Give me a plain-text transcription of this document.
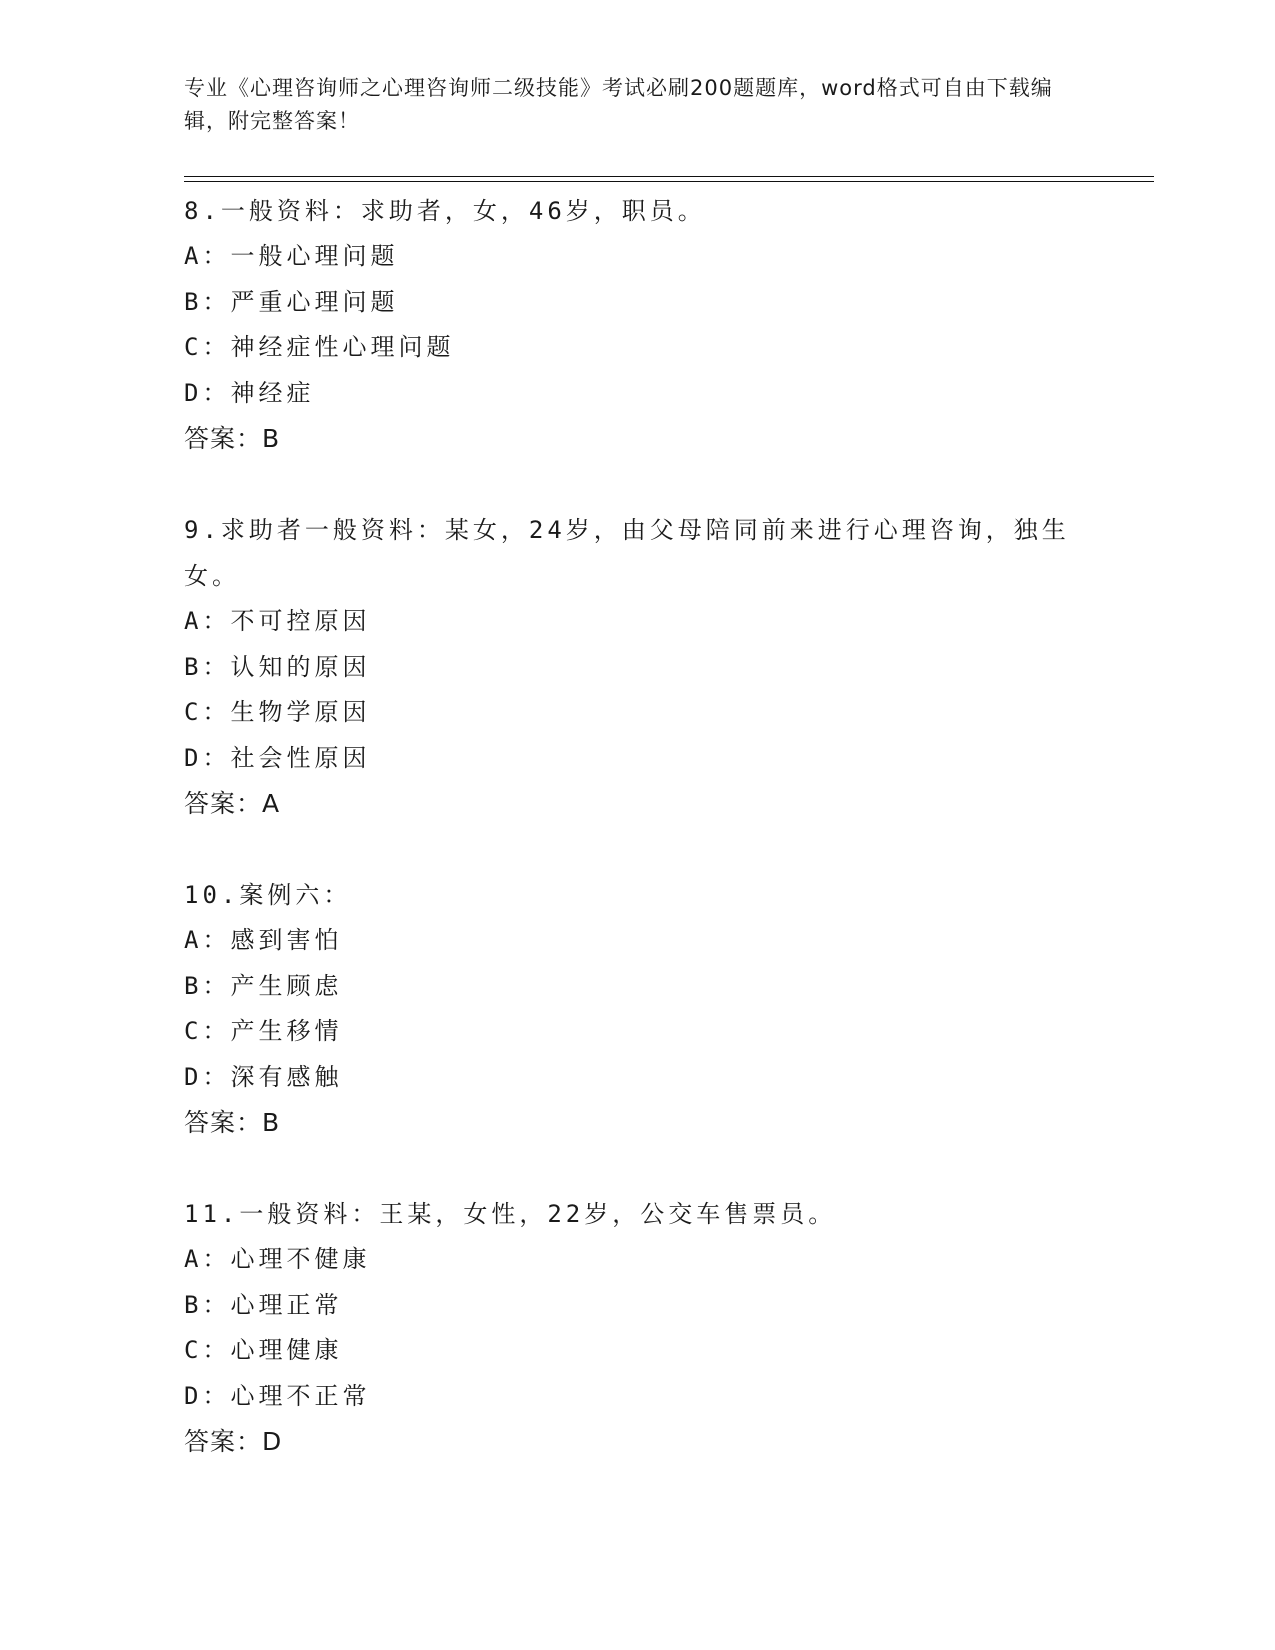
专业《心理咨询师之心理咨询师二级技能》考试必刷200题题库，word格式可自由下载编辑，附完整答案！

8.一般资料：求助者，女，46岁，职员。

A：一般心理问题

B：严重心理问题

C：神经症性心理问题

D：神经症

答案：B

9.求助者一般资料：某女，24岁，由父母陪同前来进行心理咨询，独生女。

A：不可控原因

B：认知的原因

C：生物学原因

D：社会性原因

答案：A

10.案例六：

A：感到害怕

B：产生顾虑

C：产生移情

D：深有感触

答案：B

11.一般资料：王某，女性，22岁，公交车售票员。

A：心理不健康

B：心理正常

C：心理健康

D：心理不正常

答案：D
